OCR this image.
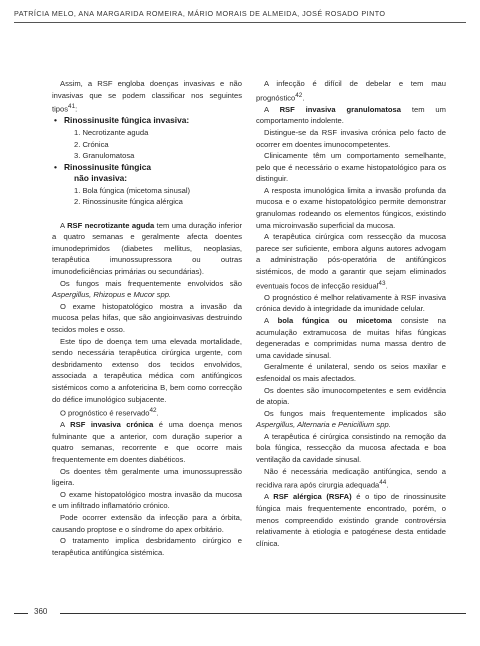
PATRÍCIA MELO, ANA MARGARIDA ROMEIRA, MÁRIO MORAIS DE ALMEIDA, JOSÉ ROSADO PINTO

Assim, a RSF engloba doenças invasivas e não invasivas que se podem classificar nos seguintes tipos$^{41}$:

• Rinossinusite fúngica invasiva:
1. Necrotizante aguda
2. Crónica
3. Granulomatosa
• Rinossinusite fúngica
não invasiva:
1. Bola fúngica (micetoma sinusal)
2. Rinossinusite fúngica alérgica

A RSF necrotizante aguda tem uma duração inferior a quatro semanas e geralmente afecta doentes imunodeprimidos (diabetes mellitus, neoplasias, terapêutica imunossupressora ou outras imunodeficiências primárias ou secundárias).

Os fungos mais frequentemente envolvidos são Aspergillus, Rhizopus e Mucor spp.

O exame histopatológico mostra a invasão da mucosa pelas hifas, que são angioinvasivas destruindo tecidos moles e osso.

Este tipo de doença tem uma elevada mortalidade, sendo necessária terapêutica cirúrgica urgente, com desbridamento extenso dos tecidos envolvidos, associada a terapêutica médica com antifúngicos sistémicos como a anfotericina B, bem como correcção do défice imunológico subjacente.

O prognóstico é reservado$^{42}$.

A RSF invasiva crónica é uma doença menos fulminante que a anterior, com duração superior a quatro semanas, recorrente e que ocorre mais frequentemente em doentes diabéticos.

Os doentes têm geralmente uma imunossupressão ligeira.

O exame histopatológico mostra invasão da mucosa e um infiltrado inflamatório crónico.

Pode ocorrer extensão da infecção para a órbita, causando proptose e o síndrome do apex orbitário.

O tratamento implica desbridamento cirúrgico e terapêutica antifúngica sistémica.

A infecção é difícil de debelar e tem mau prognóstico$^{42}$.

A RSF invasiva granulomatosa tem um comportamento indolente.

Distingue-se da RSF invasiva crónica pelo facto de ocorrer em doentes imunocompetentes.

Clinicamente têm um comportamento semelhante, pelo que é necessário o exame histopatológico para os distinguir.

A resposta imunológica limita a invasão profunda da mucosa e o exame histopatológico permite demonstrar granulomas rodeando os elementos fúngicos, existindo uma microinvasão superficial da mucosa.

A terapêutica cirúrgica com ressecção da mucosa parece ser suficiente, embora alguns autores advogam a administração pós-operatória de antifúngicos sistémicos, de modo a garantir que sejam eliminados eventuais focos de infecção residual$^{43}$.

O prognóstico é melhor relativamente à RSF invasiva crónica devido à integridade da imunidade celular.

A bola fúngica ou micetoma consiste na acumulação extramucosa de muitas hifas fúngicas degeneradas e comprimidas numa massa dentro de uma cavidade sinusal.

Geralmente é unilateral, sendo os seios maxilar e esfenoidal os mais afectados.

Os doentes são imunocompetentes e sem evidência de atopia.

Os fungos mais frequentemente implicados são Aspergillus, Alternaria e Penicillium spp.

A terapêutica é cirúrgica consistindo na remoção da bola fúngica, ressecção da mucosa afectada e boa ventilação da cavidade sinusal.

Não é necessária medicação antifúngica, sendo a recidiva rara após cirurgia adequada$^{44}$.

A RSF alérgica (RSFA) é o tipo de rinossinusite fúngica mais frequentemente encontrado, porém, o menos compreendido existindo grande controvérsia relativamente à etiologia e patogénese desta entidade clínica.

360
